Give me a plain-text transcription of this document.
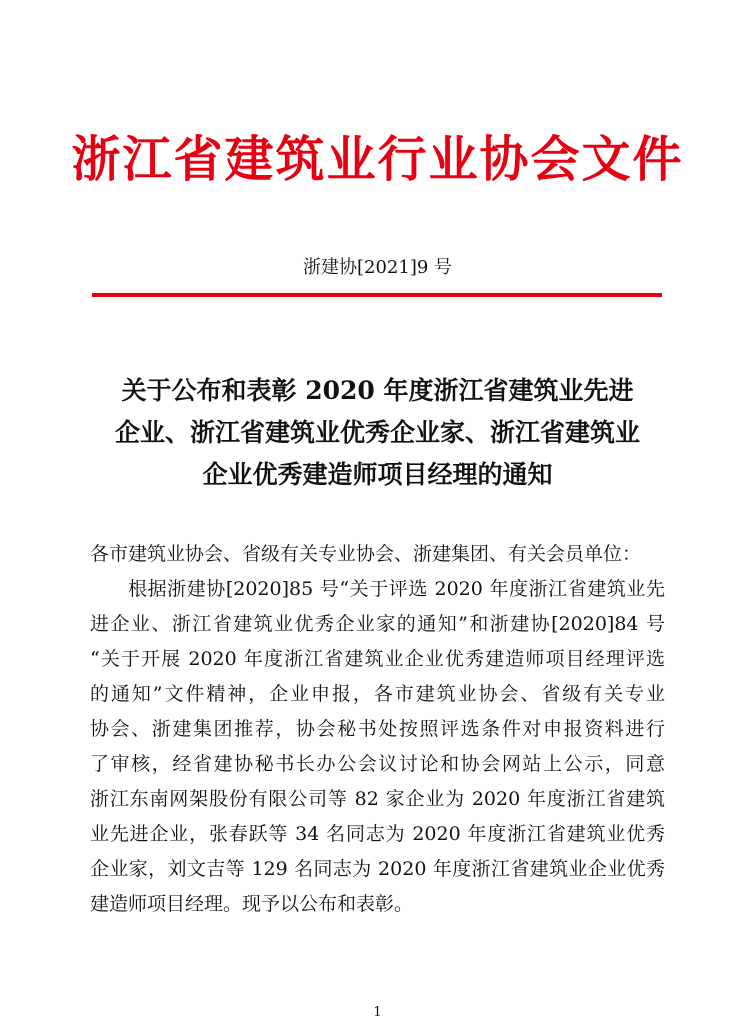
浙江省建筑业行业协会文件
浙建协[2021]9 号
关于公布和表彰 2020 年度浙江省建筑业先进
企业、浙江省建筑业优秀企业家、浙江省建筑业
企业优秀建造师项目经理的通知
各市建筑业协会、省级有关专业协会、浙建集团、有关会员单位：
根据浙建协[2020]85 号“关于评选 2020 年度浙江省建筑业先
进企业、浙江省建筑业优秀企业家的通知”和浙建协[2020]84 号
“关于开展 2020 年度浙江省建筑业企业优秀建造师项目经理评选
的通知”文件精神，企业申报，各市建筑业协会、省级有关专业
协会、浙建集团推荐，协会秘书处按照评选条件对申报资料进行
了审核，经省建协秘书长办公会议讨论和协会网站上公示，同意
浙江东南网架股份有限公司等 82 家企业为 2020 年度浙江省建筑
业先进企业，张春跃等 34 名同志为 2020 年度浙江省建筑业优秀
企业家，刘文吉等 129 名同志为 2020 年度浙江省建筑业企业优秀
建造师项目经理。现予以公布和表彰。
1
